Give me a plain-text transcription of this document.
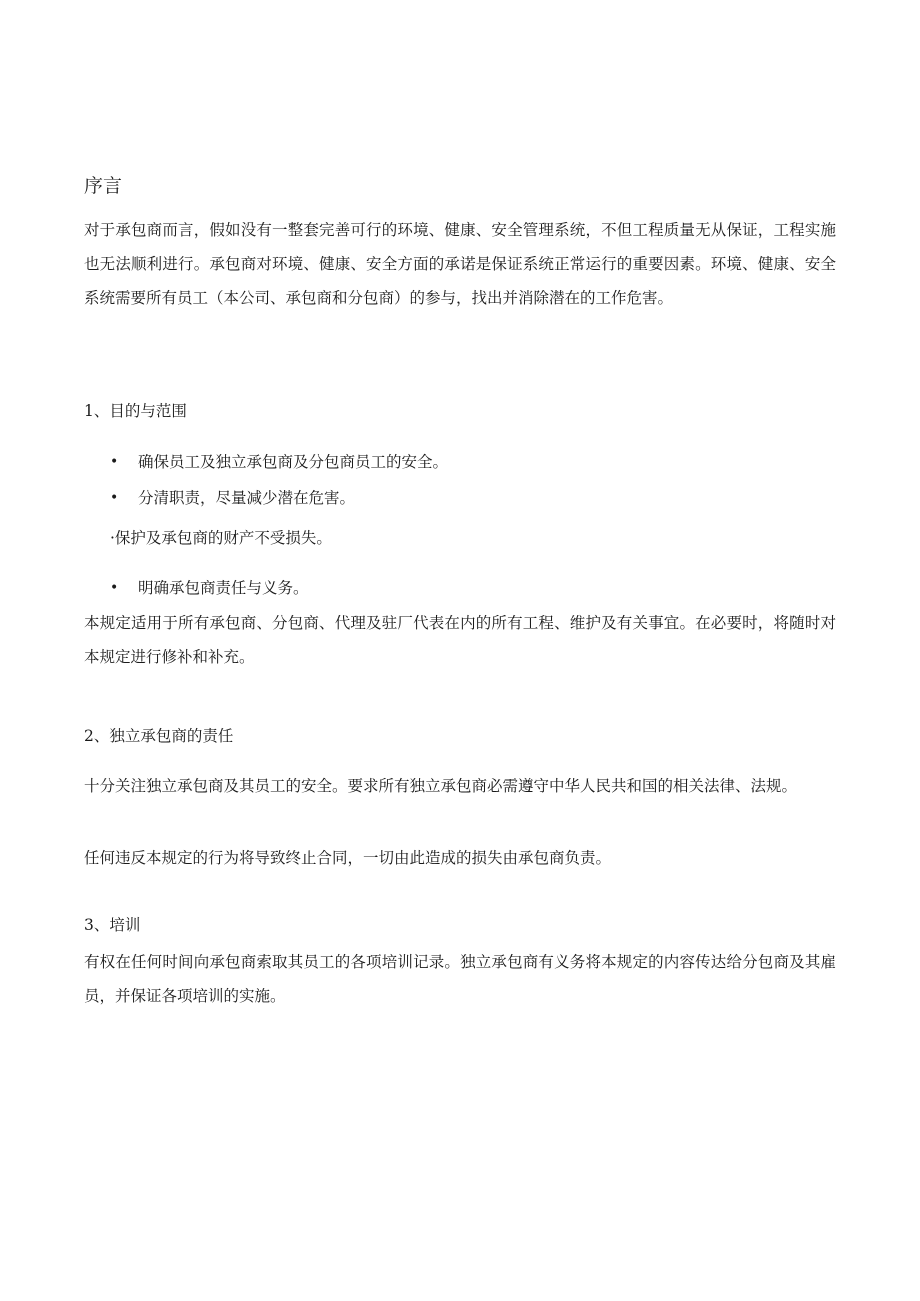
序言

对于承包商而言，假如没有一整套完善可行的环境、健康、安全管理系统，不但工程质量无从保证，工程实施也无法顺利进行。承包商对环境、健康、安全方面的承诺是保证系统正常运行的重要因素。环境、健康、安全系统需要所有员工（本公司、承包商和分包商）的参与，找出并消除潜在的工作危害。

1、目的与范围
• 确保员工及独立承包商及分包商员工的安全。
• 分清职责，尽量减少潜在危害。
·保护及承包商的财产不受损失。
• 明确承包商责任与义务。

本规定适用于所有承包商、分包商、代理及驻厂代表在内的所有工程、维护及有关事宜。在必要时，将随时对本规定进行修补和补充。

2、独立承包商的责任

十分关注独立承包商及其员工的安全。要求所有独立承包商必需遵守中华人民共和国的相关法律、法规。

任何违反本规定的行为将导致终止合同，一切由此造成的损失由承包商负责。

3、培训

有权在任何时间向承包商索取其员工的各项培训记录。独立承包商有义务将本规定的内容传达给分包商及其雇员，并保证各项培训的实施。
